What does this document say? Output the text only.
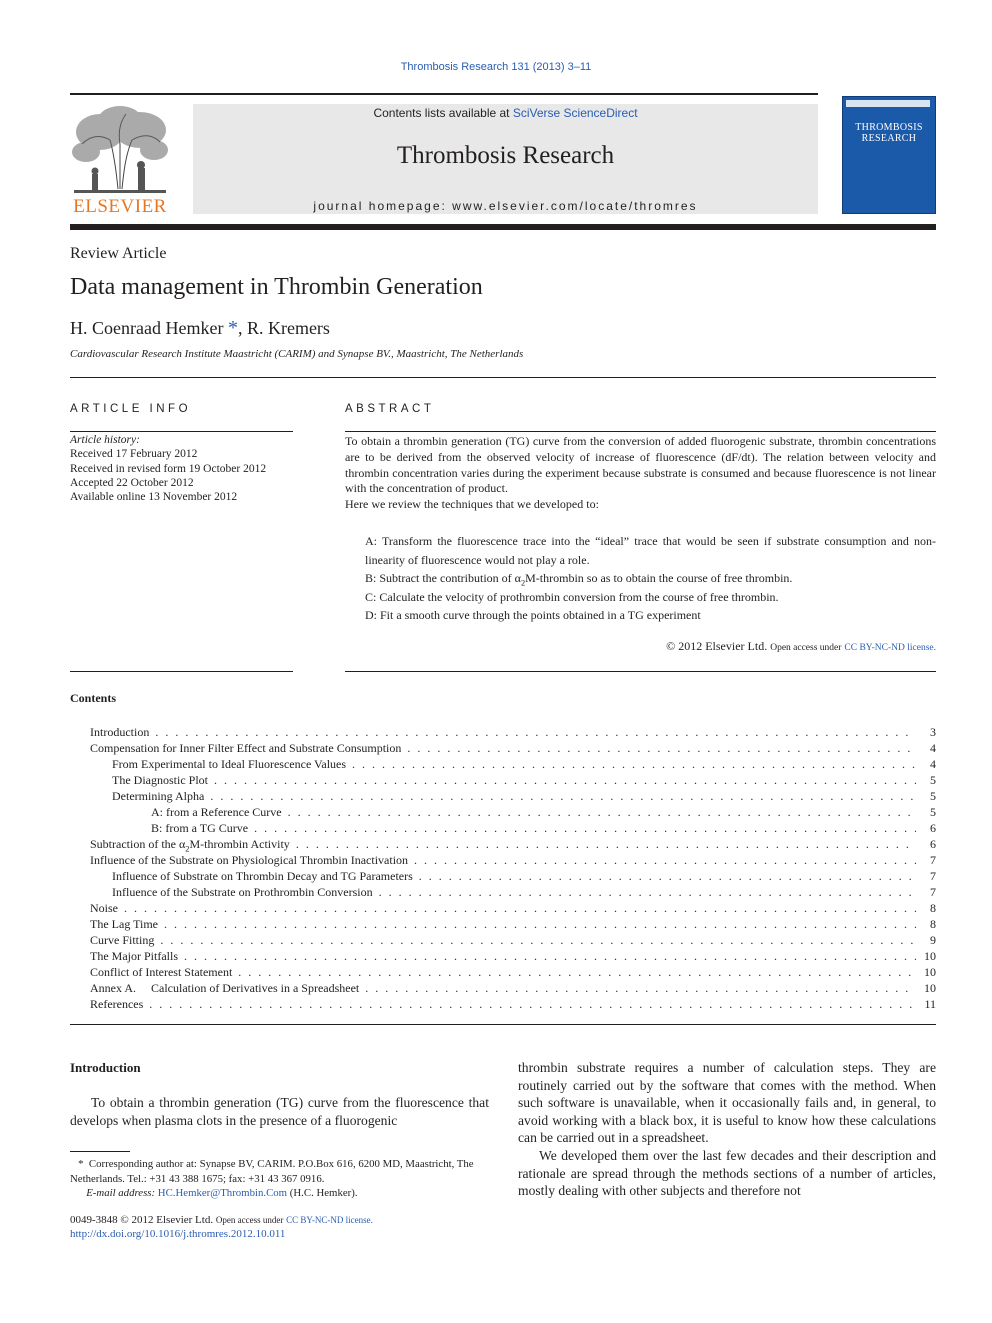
Thrombosis Research 131 (2013) 3–11
ELSEVIER
Contents lists available at SciVerse ScienceDirect
Thrombosis Research
journal homepage: www.elsevier.com/locate/thromres
THROMBOSIS
RESEARCH
Review Article
Data management in Thrombin Generation
H. Coenraad Hemker *, R. Kremers
Cardiovascular Research Institute Maastricht (CARIM) and Synapse BV., Maastricht, The Netherlands
ARTICLE INFO
Article history:
Received 17 February 2012
Received in revised form 19 October 2012
Accepted 22 October 2012
Available online 13 November 2012
ABSTRACT
To obtain a thrombin generation (TG) curve from the conversion of added fluorogenic substrate, thrombin concentrations are to be derived from the observed velocity of increase of fluorescence (dF/dt). The relation between velocity and thrombin concentration varies during the experiment because substrate is consumed and because fluorescence is not linear with the concentration of product.
Here we review the techniques that we developed to:
A: Transform the fluorescence trace into the “ideal” trace that would be seen if substrate consumption and non-linearity of fluorescence would not play a role.
B: Subtract the contribution of $\alpha_2M$-thrombin so as to obtain the course of free thrombin.
C: Calculate the velocity of prothrombin conversion from the course of free thrombin.
D: Fit a smooth curve through the points obtained in a TG experiment
© 2012 Elsevier Ltd. Open access under CC BY-NC-ND license.
Contents
Introduction . . .	3
Compensation for Inner Filter Effect and Substrate Consumption . . .	4
From Experimental to Ideal Fluorescence Values . . .	4
The Diagnostic Plot . . .	5
Determining Alpha . . .	5
A: from a Reference Curve . . .	5
B: from a TG Curve . . .	6
Subtraction of the $\alpha_2M$-thrombin Activity . . .	6
Influence of the Substrate on Physiological Thrombin Inactivation . . .	7
Influence of Substrate on Thrombin Decay and TG Parameters . . .	7
Influence of the Substrate on Prothrombin Conversion . . .	7
Noise . . .	8
The Lag Time . . .	8
Curve Fitting . . .	9
The Major Pitfalls . . .	10
Conflict of Interest Statement . . .	10
Annex A.     Calculation of Derivatives in a Spreadsheet . . .	10
References . . .	11
Introduction
To obtain a thrombin generation (TG) curve from the fluorescence that develops when plasma clots in the presence of a fluorogenic
thrombin substrate requires a number of calculation steps. They are routinely carried out by the software that comes with the method. When such software is unavailable, when it occasionally fails and, in general, to avoid working with a black box, it is useful to know how these calculations can be carried out in a spreadsheet.
We developed them over the last few decades and their description and rationale are spread through the methods sections of a number of articles, mostly dealing with other subjects and therefore not
* Corresponding author at: Synapse BV, CARIM. P.O.Box 616, 6200 MD, Maastricht, The Netherlands. Tel.: +31 43 388 1675; fax: +31 43 367 0916.
E-mail address: HC.Hemker@Thrombin.Com (H.C. Hemker).
0049-3848 © 2012 Elsevier Ltd. Open access under CC BY-NC-ND license.
http://dx.doi.org/10.1016/j.thromres.2012.10.011
